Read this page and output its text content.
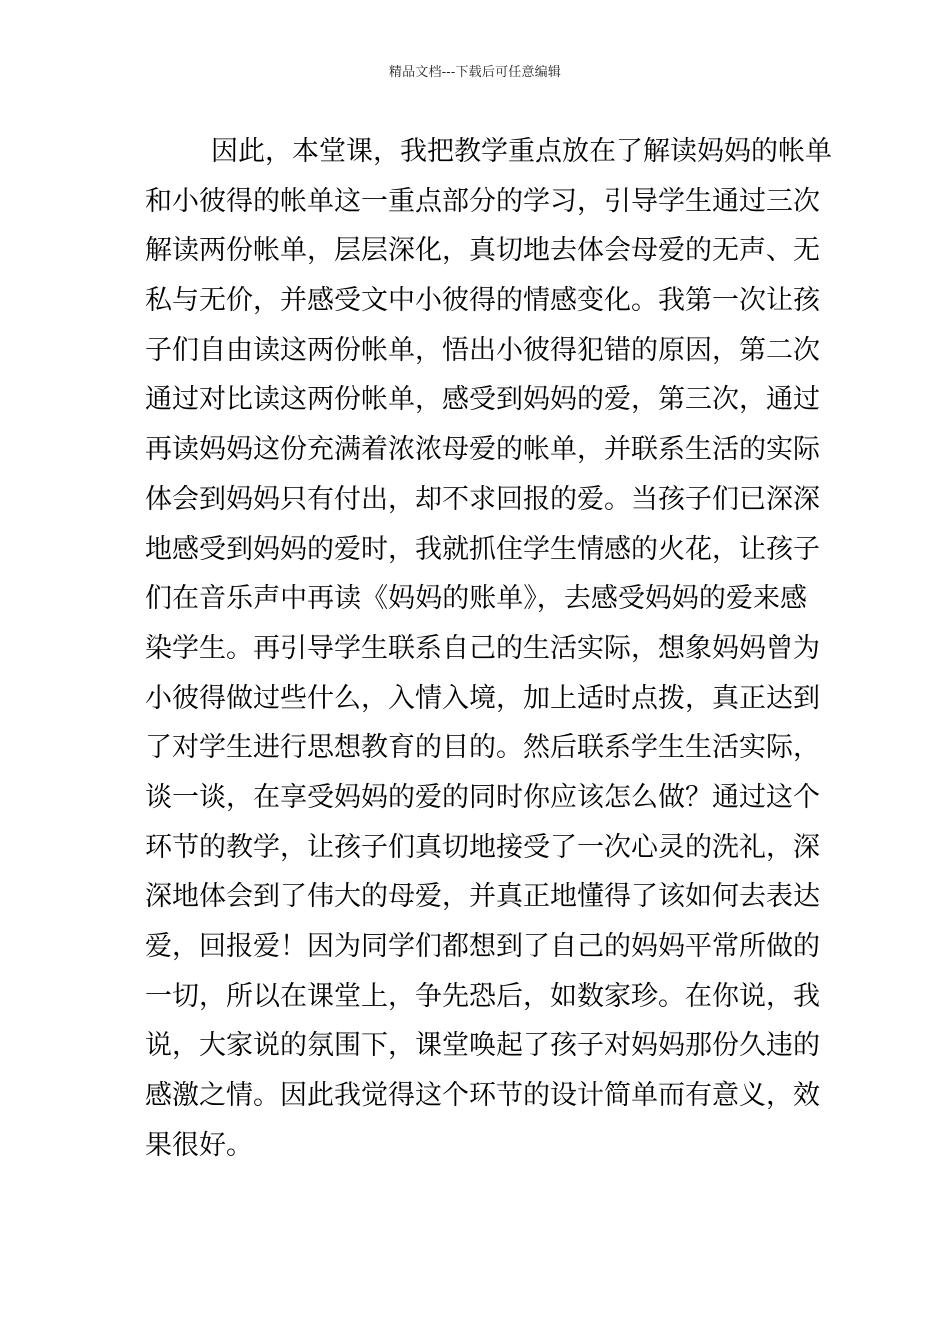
精品文档---下载后可任意编辑
因此，本堂课，我把教学重点放在了解读妈妈的帐单
和小彼得的帐单这一重点部分的学习，引导学生通过三次
解读两份帐单，层层深化，真切地去体会母爱的无声、无
私与无价，并感受文中小彼得的情感变化。我第一次让孩
子们自由读这两份帐单，悟出小彼得犯错的原因，第二次
通过对比读这两份帐单，感受到妈妈的爱，第三次，通过
再读妈妈这份充满着浓浓母爱的帐单，并联系生活的实际
体会到妈妈只有付出，却不求回报的爱。当孩子们已深深
地感受到妈妈的爱时，我就抓住学生情感的火花，让孩子
们在音乐声中再读《妈妈的账单》，去感受妈妈的爱来感
染学生。再引导学生联系自己的生活实际，想象妈妈曾为
小彼得做过些什么，入情入境，加上适时点拨，真正达到
了对学生进行思想教育的目的。然后联系学生生活实际，
谈一谈，在享受妈妈的爱的同时你应该怎么做？通过这个
环节的教学，让孩子们真切地接受了一次心灵的洗礼，深
深地体会到了伟大的母爱，并真正地懂得了该如何去表达
爱，回报爱！因为同学们都想到了自己的妈妈平常所做的
一切，所以在课堂上，争先恐后，如数家珍。在你说，我
说，大家说的氛围下，课堂唤起了孩子对妈妈那份久违的
感激之情。因此我觉得这个环节的设计简单而有意义，效
果很好。
